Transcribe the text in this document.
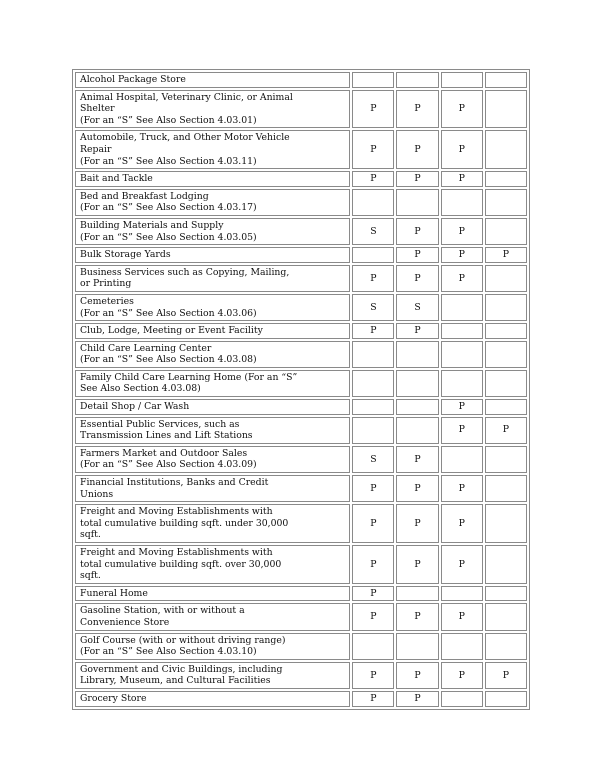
Alcohol Package Store				

Animal Hospital, Veterinary Clinic, or Animal
Shelter
(For an “S” See Also Section 4.03.01)	P	P	P	

Automobile, Truck, and Other Motor Vehicle
Repair
(For an “S” See Also Section 4.03.11)	P	P	P	

Bait and Tackle	P	P	P	

Bed and Breakfast Lodging
(For an “S” See Also Section 4.03.17)				

Building Materials and Supply
(For an “S” See Also Section 4.03.05)	S	P	P	

Bulk Storage Yards		P	P	P

Business Services such as Copying, Mailing,
or Printing	P	P	P	

Cemeteries
(For an “S” See Also Section 4.03.06)	S	S		

Club, Lodge, Meeting or Event Facility	P	P		

Child Care Learning Center
(For an “S” See Also Section 4.03.08)				

Family Child Care Learning Home (For an “S”
See Also Section 4.03.08)				

Detail Shop / Car Wash			P	

Essential Public Services, such as
Transmission Lines and Lift Stations			P	P

Farmers Market and Outdoor Sales
(For an “S” See Also Section 4.03.09)	S	P		

Financial Institutions, Banks and Credit
Unions	P	P	P	

Freight and Moving Establishments with
total cumulative building sqft. under 30,000
sqft.	P	P	P	

Freight and Moving Establishments with
total cumulative building sqft. over 30,000
sqft.	P	P	P	

Funeral Home	P			

Gasoline Station, with or without a
Convenience Store	P	P	P	

Golf Course (with or without driving range)
(For an “S” See Also Section 4.03.10)				

Government and Civic Buildings, including
Library, Museum, and Cultural Facilities	P	P	P	P

Grocery Store	P	P		
